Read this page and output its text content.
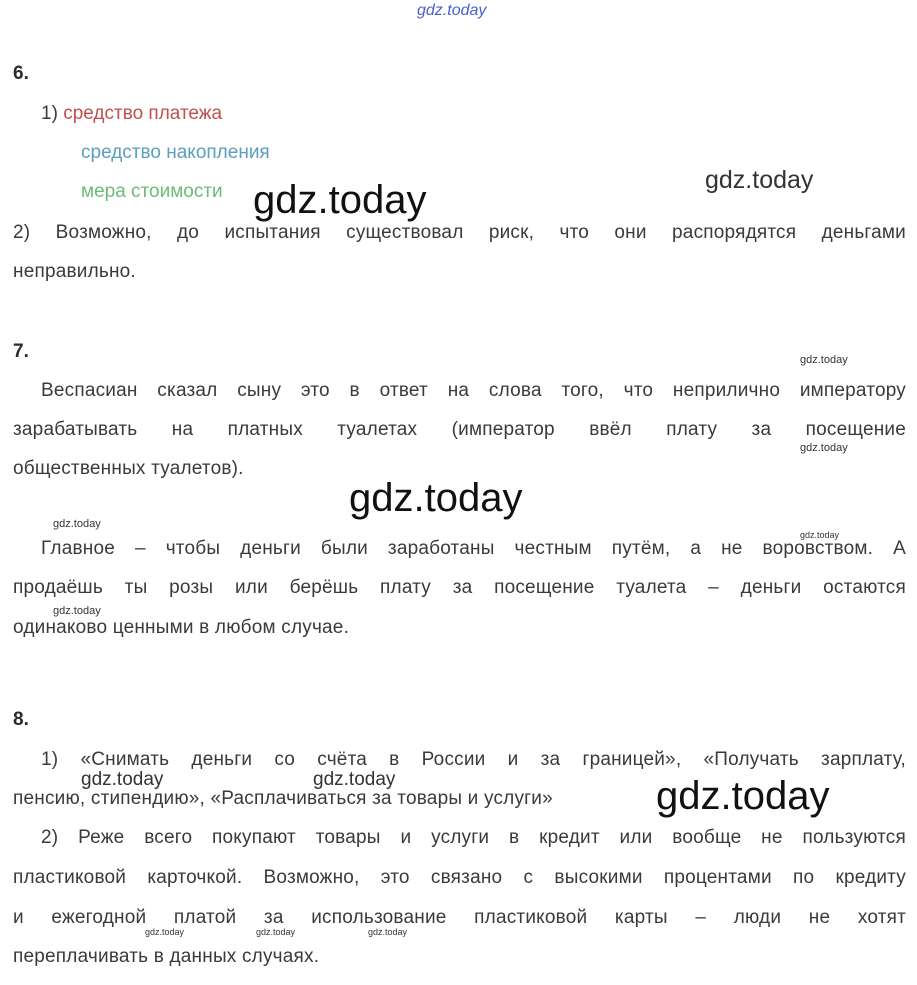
gdz.today
6.
1) средство платежа
средство накопления
мера стоимости gdz.today	gdz.today
2) Возможно, до испытания существовал риск, что они распорядятся деньгами
неправильно.
7.	gdz.today
Веспасиан сказал сыну это в ответ на слова того, что неприлично императору
зарабатывать на платных туалетах (император ввёл плату за посещение
gdz.today
общественных туалетов).
gdz.today
gdz.today
gdz.today
Главное – чтобы деньги были заработаны честным путём, а не воровством. А
продаёшь ты розы или берёшь плату за посещение туалета – деньги остаются
gdz.today
одинаково ценными в любом случае.
8.
1) «Снимать деньги со счёта в России и за границей», «Получать зарплату,
gdz.today	gdz.today
пенсию, стипендию», «Расплачиваться за товары и услуги»	gdz.today
2) Реже всего покупают товары и услуги в кредит или вообще не пользуются
пластиковой карточкой. Возможно, это связано с высокими процентами по кредиту
и ежегодной платой за использование пластиковой карты – люди не хотят
gdz.today	gdz.today	gdz.today
переплачивать в данных случаях.
